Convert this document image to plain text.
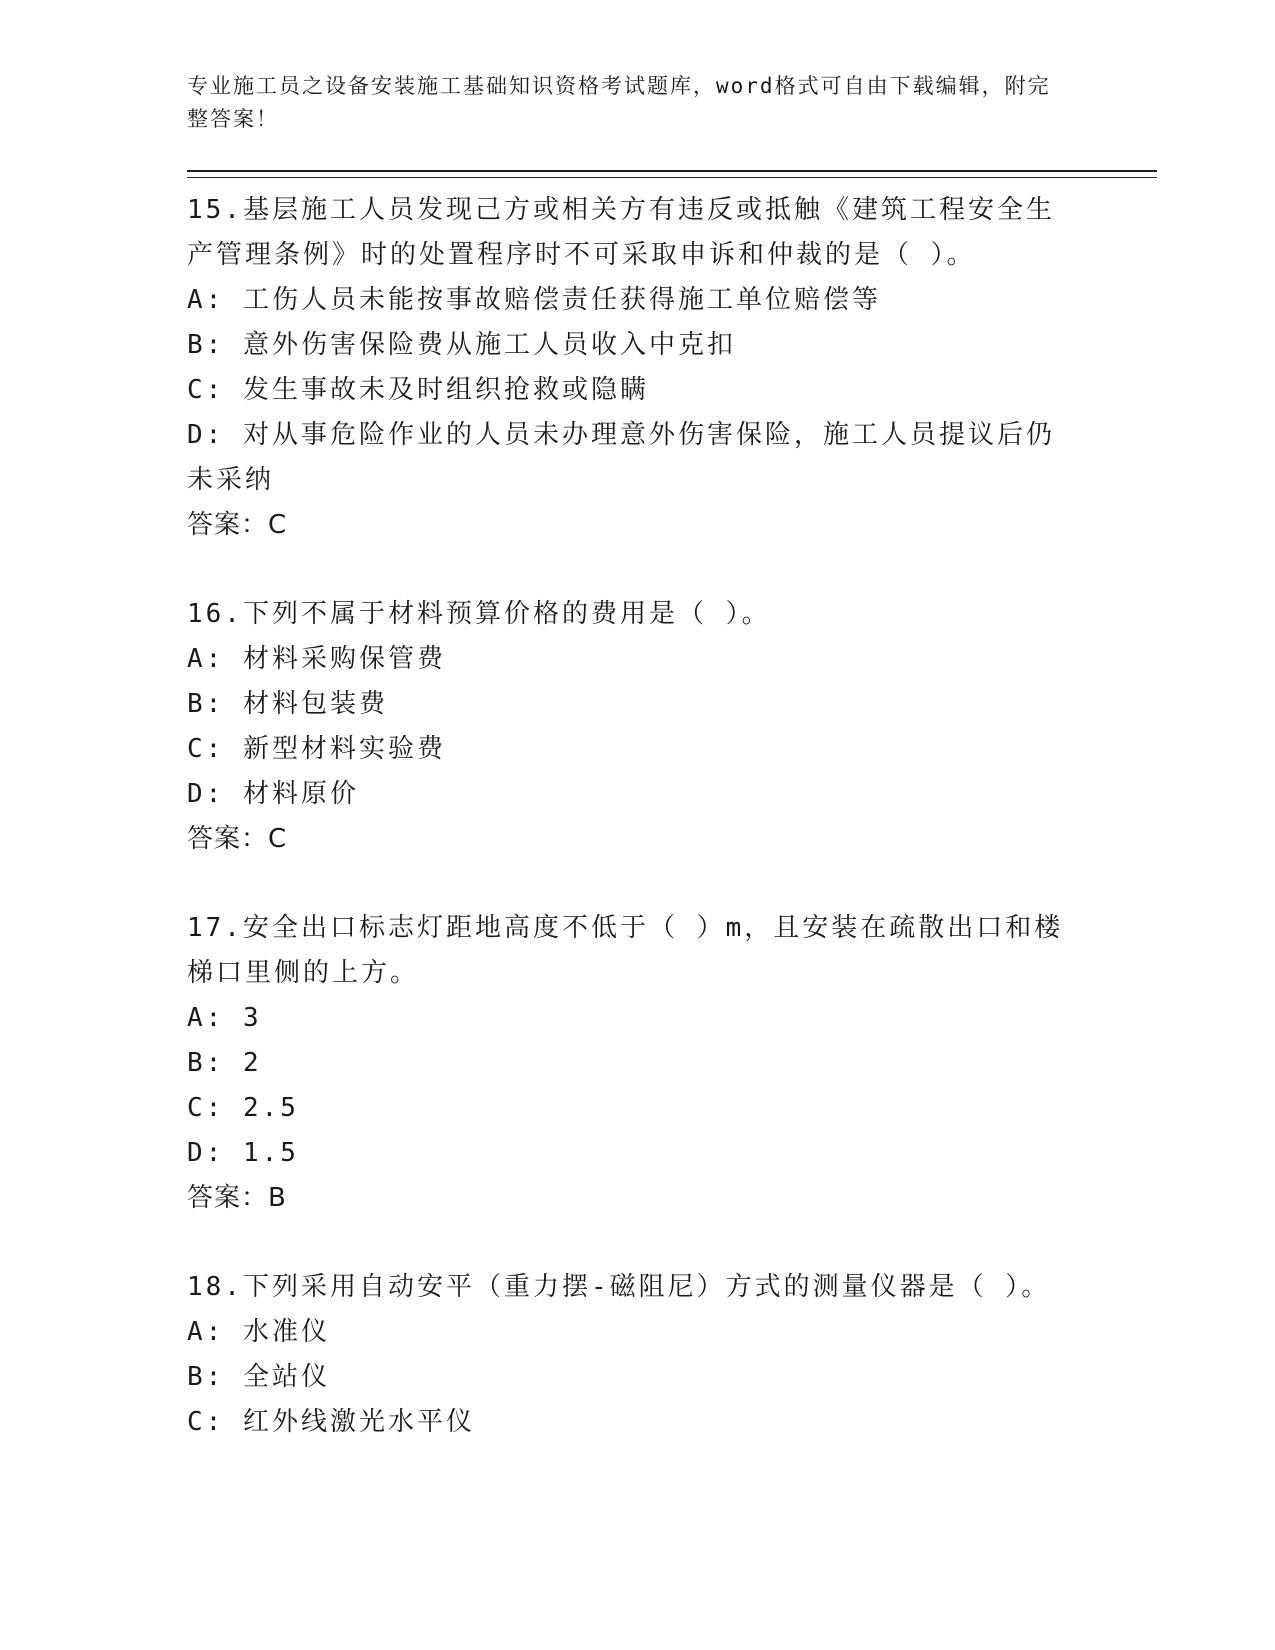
专业施工员之设备安装施工基础知识资格考试题库，word格式可自由下载编辑，附完整答案！
15.基层施工人员发现己方或相关方有违反或抵触《建筑工程安全生产管理条例》时的处置程序时不可采取申诉和仲裁的是（ ）。
A: 工伤人员未能按事故赔偿责任获得施工单位赔偿等
B: 意外伤害保险费从施工人员收入中克扣
C: 发生事故未及时组织抢救或隐瞒
D: 对从事危险作业的人员未办理意外伤害保险，施工人员提议后仍未采纳
答案：C
16.下列不属于材料预算价格的费用是（ ）。
A: 材料采购保管费
B: 材料包装费
C: 新型材料实验费
D: 材料原价
答案：C
17.安全出口标志灯距地高度不低于（ ）m，且安装在疏散出口和楼梯口里侧的上方。
A: 3
B: 2
C: 2.5
D: 1.5
答案：B
18.下列采用自动安平（重力摆-磁阻尼）方式的测量仪器是（ ）。
A: 水准仪
B: 全站仪
C: 红外线激光水平仪
